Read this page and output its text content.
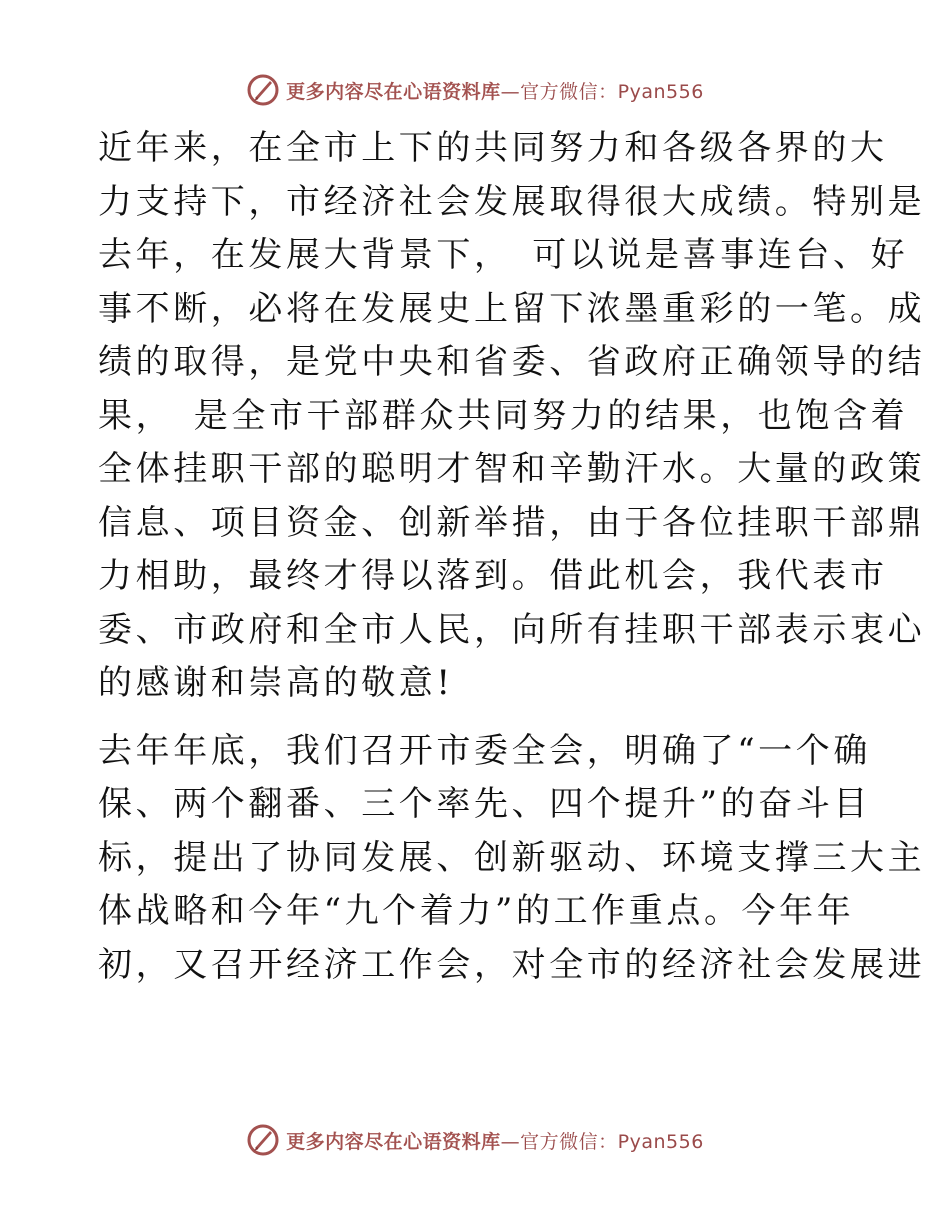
更多内容尽在心语资料库—官方微信：Pyan556

近年来，在全市上下的共同努力和各级各界的大
力支持下，市经济社会发展取得很大成绩。特别是
去年，在发展大背景下，　可以说是喜事连台、好
事不断，必将在发展史上留下浓墨重彩的一笔。成
绩的取得，是党中央和省委、省政府正确领导的结
果，　是全市干部群众共同努力的结果，也饱含着
全体挂职干部的聪明才智和辛勤汗水。大量的政策
信息、项目资金、创新举措，由于各位挂职干部鼎
力相助，最终才得以落到。借此机会，我代表市
委、市政府和全市人民，向所有挂职干部表示衷心
的感谢和崇高的敬意!

去年年底，我们召开市委全会，明确了“一个确
保、两个翻番、三个率先、四个提升”的奋斗目
标，提出了协同发展、创新驱动、环境支撑三大主
体战略和今年“九个着力”的工作重点。今年年
初，又召开经济工作会，对全市的经济社会发展进

更多内容尽在心语资料库—官方微信：Pyan556
